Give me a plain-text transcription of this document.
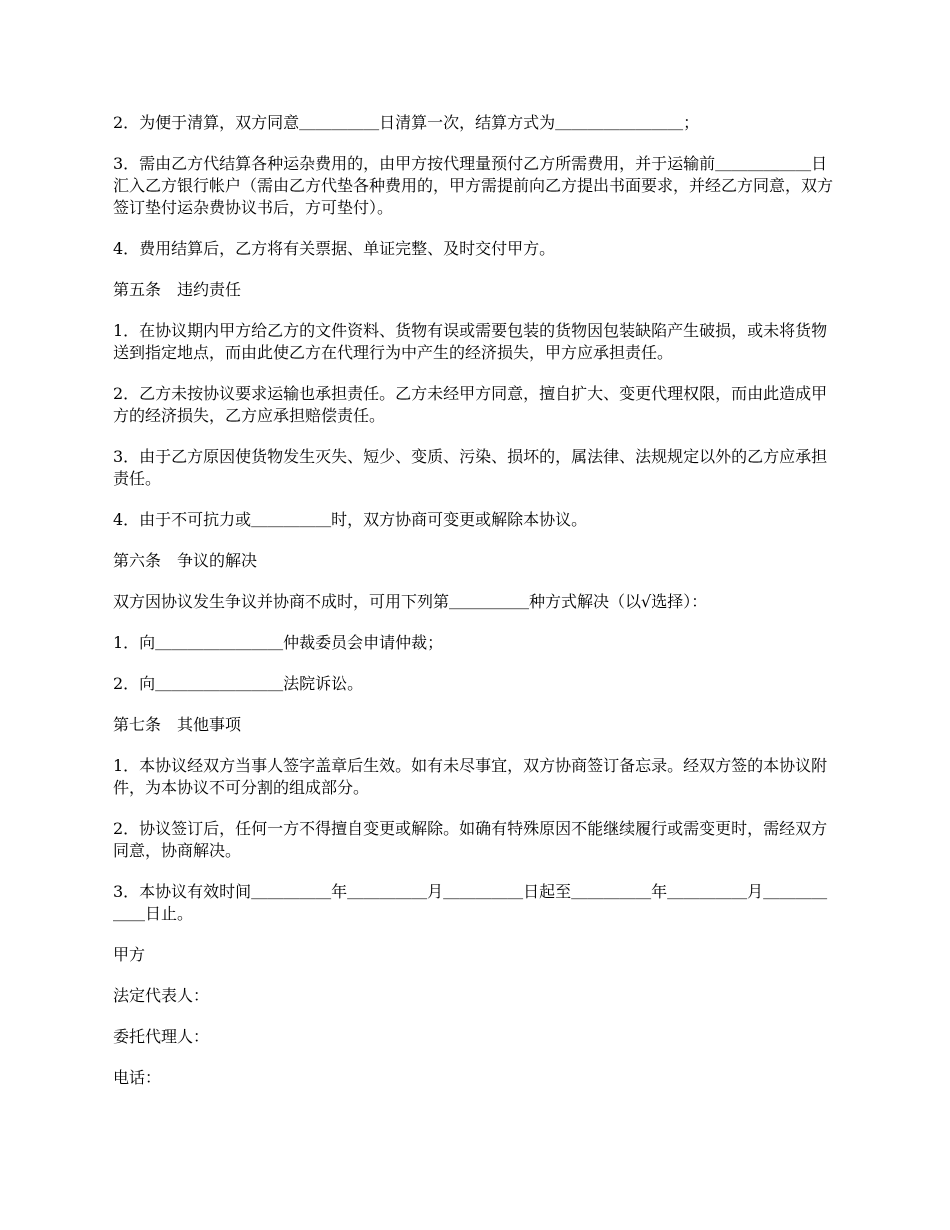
2．为便于清算，双方同意＿＿＿＿＿日清算一次，结算方式为＿＿＿＿＿＿＿＿；

3．需由乙方代结算各种运杂费用的，由甲方按代理量预付乙方所需费用，并于运输前＿＿＿＿＿＿日汇入乙方银行帐户（需由乙方代垫各种费用的，甲方需提前向乙方提出书面要求，并经乙方同意，双方签订垫付运杂费协议书后，方可垫付）。

4．费用结算后，乙方将有关票据、单证完整、及时交付甲方。

第五条　违约责任

1．在协议期内甲方给乙方的文件资料、货物有误或需要包装的货物因包装缺陷产生破损，或未将货物送到指定地点，而由此使乙方在代理行为中产生的经济损失，甲方应承担责任。

2．乙方未按协议要求运输也承担责任。乙方未经甲方同意，擅自扩大、变更代理权限，而由此造成甲方的经济损失，乙方应承担赔偿责任。

3．由于乙方原因使货物发生灭失、短少、变质、污染、损坏的，属法律、法规规定以外的乙方应承担责任。

4．由于不可抗力或＿＿＿＿＿时，双方协商可变更或解除本协议。

第六条　争议的解决

双方因协议发生争议并协商不成时，可用下列第＿＿＿＿＿种方式解决（以√选择）：

1．向＿＿＿＿＿＿＿＿仲裁委员会申请仲裁；

2．向＿＿＿＿＿＿＿＿法院诉讼。

第七条　其他事项

1．本协议经双方当事人签字盖章后生效。如有未尽事宜，双方协商签订备忘录。经双方签的本协议附件，为本协议不可分割的组成部分。

2．协议签订后，任何一方不得擅自变更或解除。如确有特殊原因不能继续履行或需变更时，需经双方同意，协商解决。

3．本协议有效时间＿＿＿＿＿年＿＿＿＿＿月＿＿＿＿＿日起至＿＿＿＿＿年＿＿＿＿＿月＿＿＿＿＿＿日止。

甲方

法定代表人：

委托代理人：

电话：
